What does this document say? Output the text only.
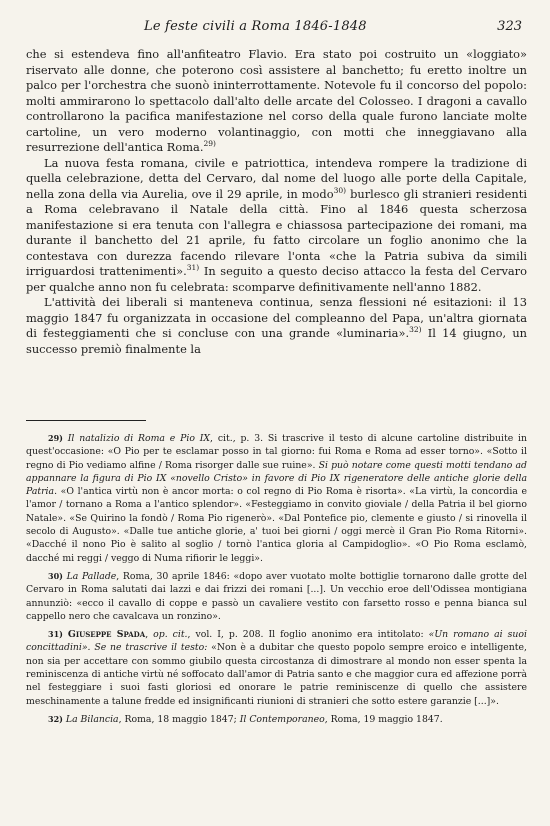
Le feste civili a Roma 1846-1848	323

che si estendeva fino all'anfiteatro Flavio. Era stato poi costruito un «loggiato» riservato alle donne, che poterono così assistere al banchetto; fu eretto inoltre un palco per l'orchestra che suonò ininterrottamente. Notevole fu il concorso del popolo: molti ammirarono lo spettacolo dall'alto delle arcate del Colosseo. I dragoni a cavallo controllarono la pacifica manifestazione nel corso della quale furono lanciate molte cartoline, un vero moderno volantinaggio, con motti che inneggiavano alla resurrezione dell'antica Roma.$^{29)}$

La nuova festa romana, civile e patriottica, intendeva rompere la tradizione di quella celebrazione, detta del Cervaro, dal nome del luogo alle porte della Capitale, nella zona della via Aurelia, ove il 29 aprile, in modo$^{30)}$ burlesco gli stranieri residenti a Roma celebravano il Natale della città. Fino al 1846 questa scherzosa manifestazione si era tenuta con l'allegra e chiassosa partecipazione dei romani, ma durante il banchetto del 21 aprile, fu fatto circolare un foglio anonimo che la contestava con durezza facendo rilevare l'onta «che la Patria subiva da simili irriguardosi trattenimenti».$^{31)}$ In seguito a questo deciso attacco la festa del Cervaro per qualche anno non fu celebrata: scomparve definitivamente nell'anno 1882.

L'attività dei liberali si manteneva continua, senza flessioni né esitazioni: il 13 maggio 1847 fu organizzata in occasione del compleanno del Papa, un'altra giornata di festeggiamenti che si concluse con una grande «luminaria».$^{32)}$ Il 14 giugno, un successo premiò finalmente la

29) Il natalizio di Roma e Pio IX, cit., p. 3. Si trascrive il testo di alcune cartoline distribuite in quest'occasione: «O Pio per te esclamar posso in tal giorno: fui Roma e Roma ad esser torno». «Sotto il regno di Pio vediamo alfine / Roma risorger dalle sue ruine». Si può notare come questi motti tendano ad appannare la figura di Pio IX «novello Cristo» in favore di Pio IX rigeneratore delle antiche glorie della Patria. «O l'antica virtù non è ancor morta: o col regno di Pio Roma è risorta». «La virtù, la concordia e l'amor / tornano a Roma a l'antico splendor». «Festeggiamo in convito gioviale / della Patria il bel giorno Natale». «Se Quirino la fondò / Roma Pio rigenerò». «Dal Pontefice pio, clemente e giusto / si rinovella il secolo di Augusto». «Dalle tue antiche glorie, a' tuoi bei giorni / oggi mercè il Gran Pio Roma Ritorni». «Dacché il nono Pio è salito al soglio / tornò l'antica gloria al Campidoglio». «O Pio Roma esclamò, dacché mi reggi / veggo di Numa rifiorir le leggi».

30) La Pallade, Roma, 30 aprile 1846: «dopo aver vuotato molte bottiglie tornarono dalle grotte del Cervaro in Roma salutati dai lazzi e dai frizzi dei romani [...]. Un vecchio eroe dell'Odissea montigiana annunziò: «ecco il cavallo di coppe e passò un cavaliere vestito con farsetto rosso e penna bianca sul cappello nero che cavalcava un ronzino».

31) Giuseppe Spada, op. cit., vol. I, p. 208. Il foglio anonimo era intitolato: «Un romano ai suoi concittadini». Se ne trascrive il testo: «Non è a dubitar che questo popolo sempre eroico e intelligente, non sia per accettare con sommo giubilo questa circostanza di dimostrare al mondo non esser spenta la reminiscenza di antiche virtù né soffocato dall'amor di Patria santo e che maggior cura ed affezione porrà nel festeggiare i suoi fasti gloriosi ed onorare le patrie reminiscenze di quello che assistere meschinamente a talune fredde ed insignificanti riunioni di stranieri che sotto estere garanzie [...]».

32) La Bilancia, Roma, 18 maggio 1847; Il Contemporaneo, Roma, 19 maggio 1847.
